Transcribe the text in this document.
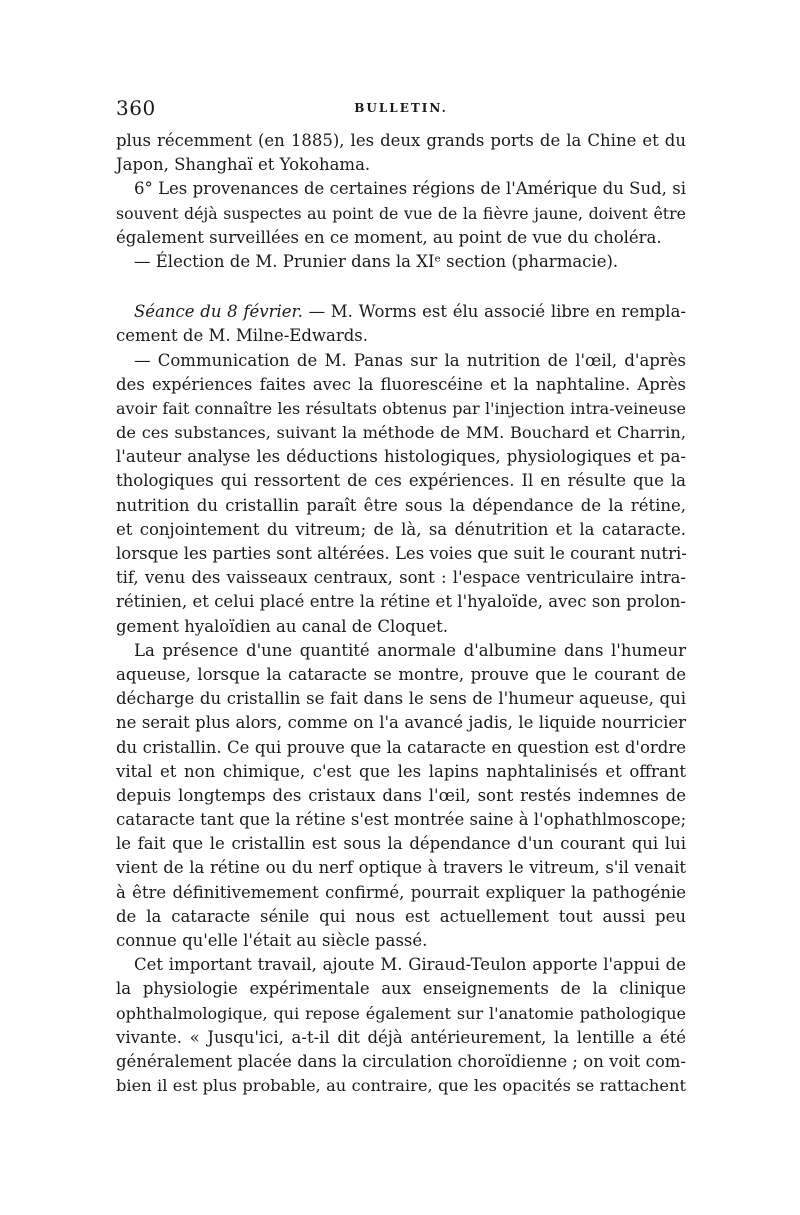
360	BULLETIN.
plus récemment (en 1885), les deux grands ports de la Chine et du
Japon, Shanghaï et Yokohama.
6° Les provenances de certaines régions de l'Amérique du Sud, si
souvent déjà suspectes au point de vue de la fièvre jaune, doivent être
également surveillées en ce moment, au point de vue du choléra.
— Élection de M. Prunier dans la XIᵉ section (pharmacie).
Séance du 8 février. — M. Worms est élu associé libre en rempla-
cement de M. Milne-Edwards.
— Communication de M. Panas sur la nutrition de l'œil, d'après
des expériences faites avec la fluorescéine et la naphtaline. Après
avoir fait connaître les résultats obtenus par l'injection intra-veineuse
de ces substances, suivant la méthode de MM. Bouchard et Charrin,
l'auteur analyse les déductions histologiques, physiologiques et pa-
thologiques qui ressortent de ces expériences. Il en résulte que la
nutrition du cristallin paraît être sous la dépendance de la rétine,
et conjointement du vitreum; de là, sa dénutrition et la cataracte.
lorsque les parties sont altérées. Les voies que suit le courant nutri-
tif, venu des vaisseaux centraux, sont : l'espace ventriculaire intra-
rétinien, et celui placé entre la rétine et l'hyaloïde, avec son prolon-
gement hyaloïdien au canal de Cloquet.
La présence d'une quantité anormale d'albumine dans l'humeur
aqueuse, lorsque la cataracte se montre, prouve que le courant de
décharge du cristallin se fait dans le sens de l'humeur aqueuse, qui
ne serait plus alors, comme on l'a avancé jadis, le liquide nourricier
du cristallin. Ce qui prouve que la cataracte en question est d'ordre
vital et non chimique, c'est que les lapins naphtalinisés et offrant
depuis longtemps des cristaux dans l'œil, sont restés indemnes de
cataracte tant que la rétine s'est montrée saine à l'ophathlmoscope;
le fait que le cristallin est sous la dépendance d'un courant qui lui
vient de la rétine ou du nerf optique à travers le vitreum, s'il venait
à être définitivemement confirmé, pourrait expliquer la pathogénie
de la cataracte sénile qui nous est actuellement tout aussi peu
connue qu'elle l'était au siècle passé.
Cet important travail, ajoute M. Giraud-Teulon apporte l'appui de
la physiologie expérimentale aux enseignements de la clinique
ophthalmologique, qui repose également sur l'anatomie pathologique
vivante. « Jusqu'ici, a-t-il dit déjà antérieurement, la lentille a été
généralement placée dans la circulation choroïdienne ; on voit com-
bien il est plus probable, au contraire, que les opacités se rattachent
